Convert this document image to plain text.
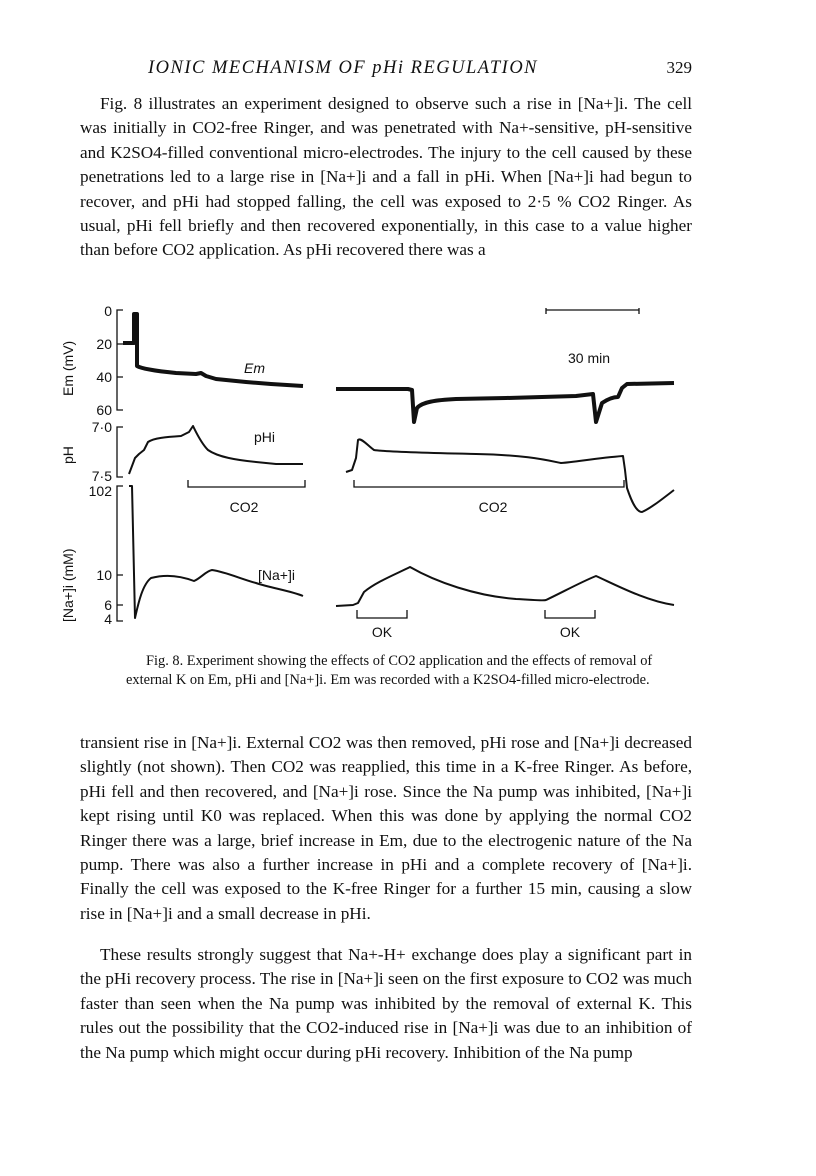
IONIC MECHANISM OF pHi REGULATION	329

Fig. 8 illustrates an experiment designed to observe such a rise in [Na+]i. The cell was initially in CO2-free Ringer, and was penetrated with Na+-sensitive, pH-sensitive and K2SO4-filled conventional micro-electrodes. The injury to the cell caused by these penetrations led to a large rise in [Na+]i and a fall in pHi. When [Na+]i had begun to recover, and pHi had stopped falling, the cell was exposed to 2·5 % CO2 Ringer. As usual, pHi fell briefly and then recovered exponentially, in this case to a value higher than before CO2 application. As pHi recovered there was a

30 min
0
20
40
60
7·0
7·5
102
10
6
4
Em (mV)
pH
[Na+]i (mM)
Em
pHi
CO2	CO2
[Na+]i
OK	OK

Fig. 8. Experiment showing the effects of CO2 application and the effects of removal of external K on Em, pHi and [Na+]i. Em was recorded with a K2SO4-filled micro-electrode.

transient rise in [Na+]i. External CO2 was then removed, pHi rose and [Na+]i decreased slightly (not shown). Then CO2 was reapplied, this time in a K-free Ringer. As before, pHi fell and then recovered, and [Na+]i rose. Since the Na pump was inhibited, [Na+]i kept rising until K0 was replaced. When this was done by applying the normal CO2 Ringer there was a large, brief increase in Em, due to the electrogenic nature of the Na pump. There was also a further increase in pHi and a complete recovery of [Na+]i. Finally the cell was exposed to the K-free Ringer for a further 15 min, causing a slow rise in [Na+]i and a small decrease in pHi.

These results strongly suggest that Na+-H+ exchange does play a significant part in the pHi recovery process. The rise in [Na+]i seen on the first exposure to CO2 was much faster than seen when the Na pump was inhibited by the removal of external K. This rules out the possibility that the CO2-induced rise in [Na+]i was due to an inhibition of the Na pump which might occur during pHi recovery. Inhibition of the Na pump
